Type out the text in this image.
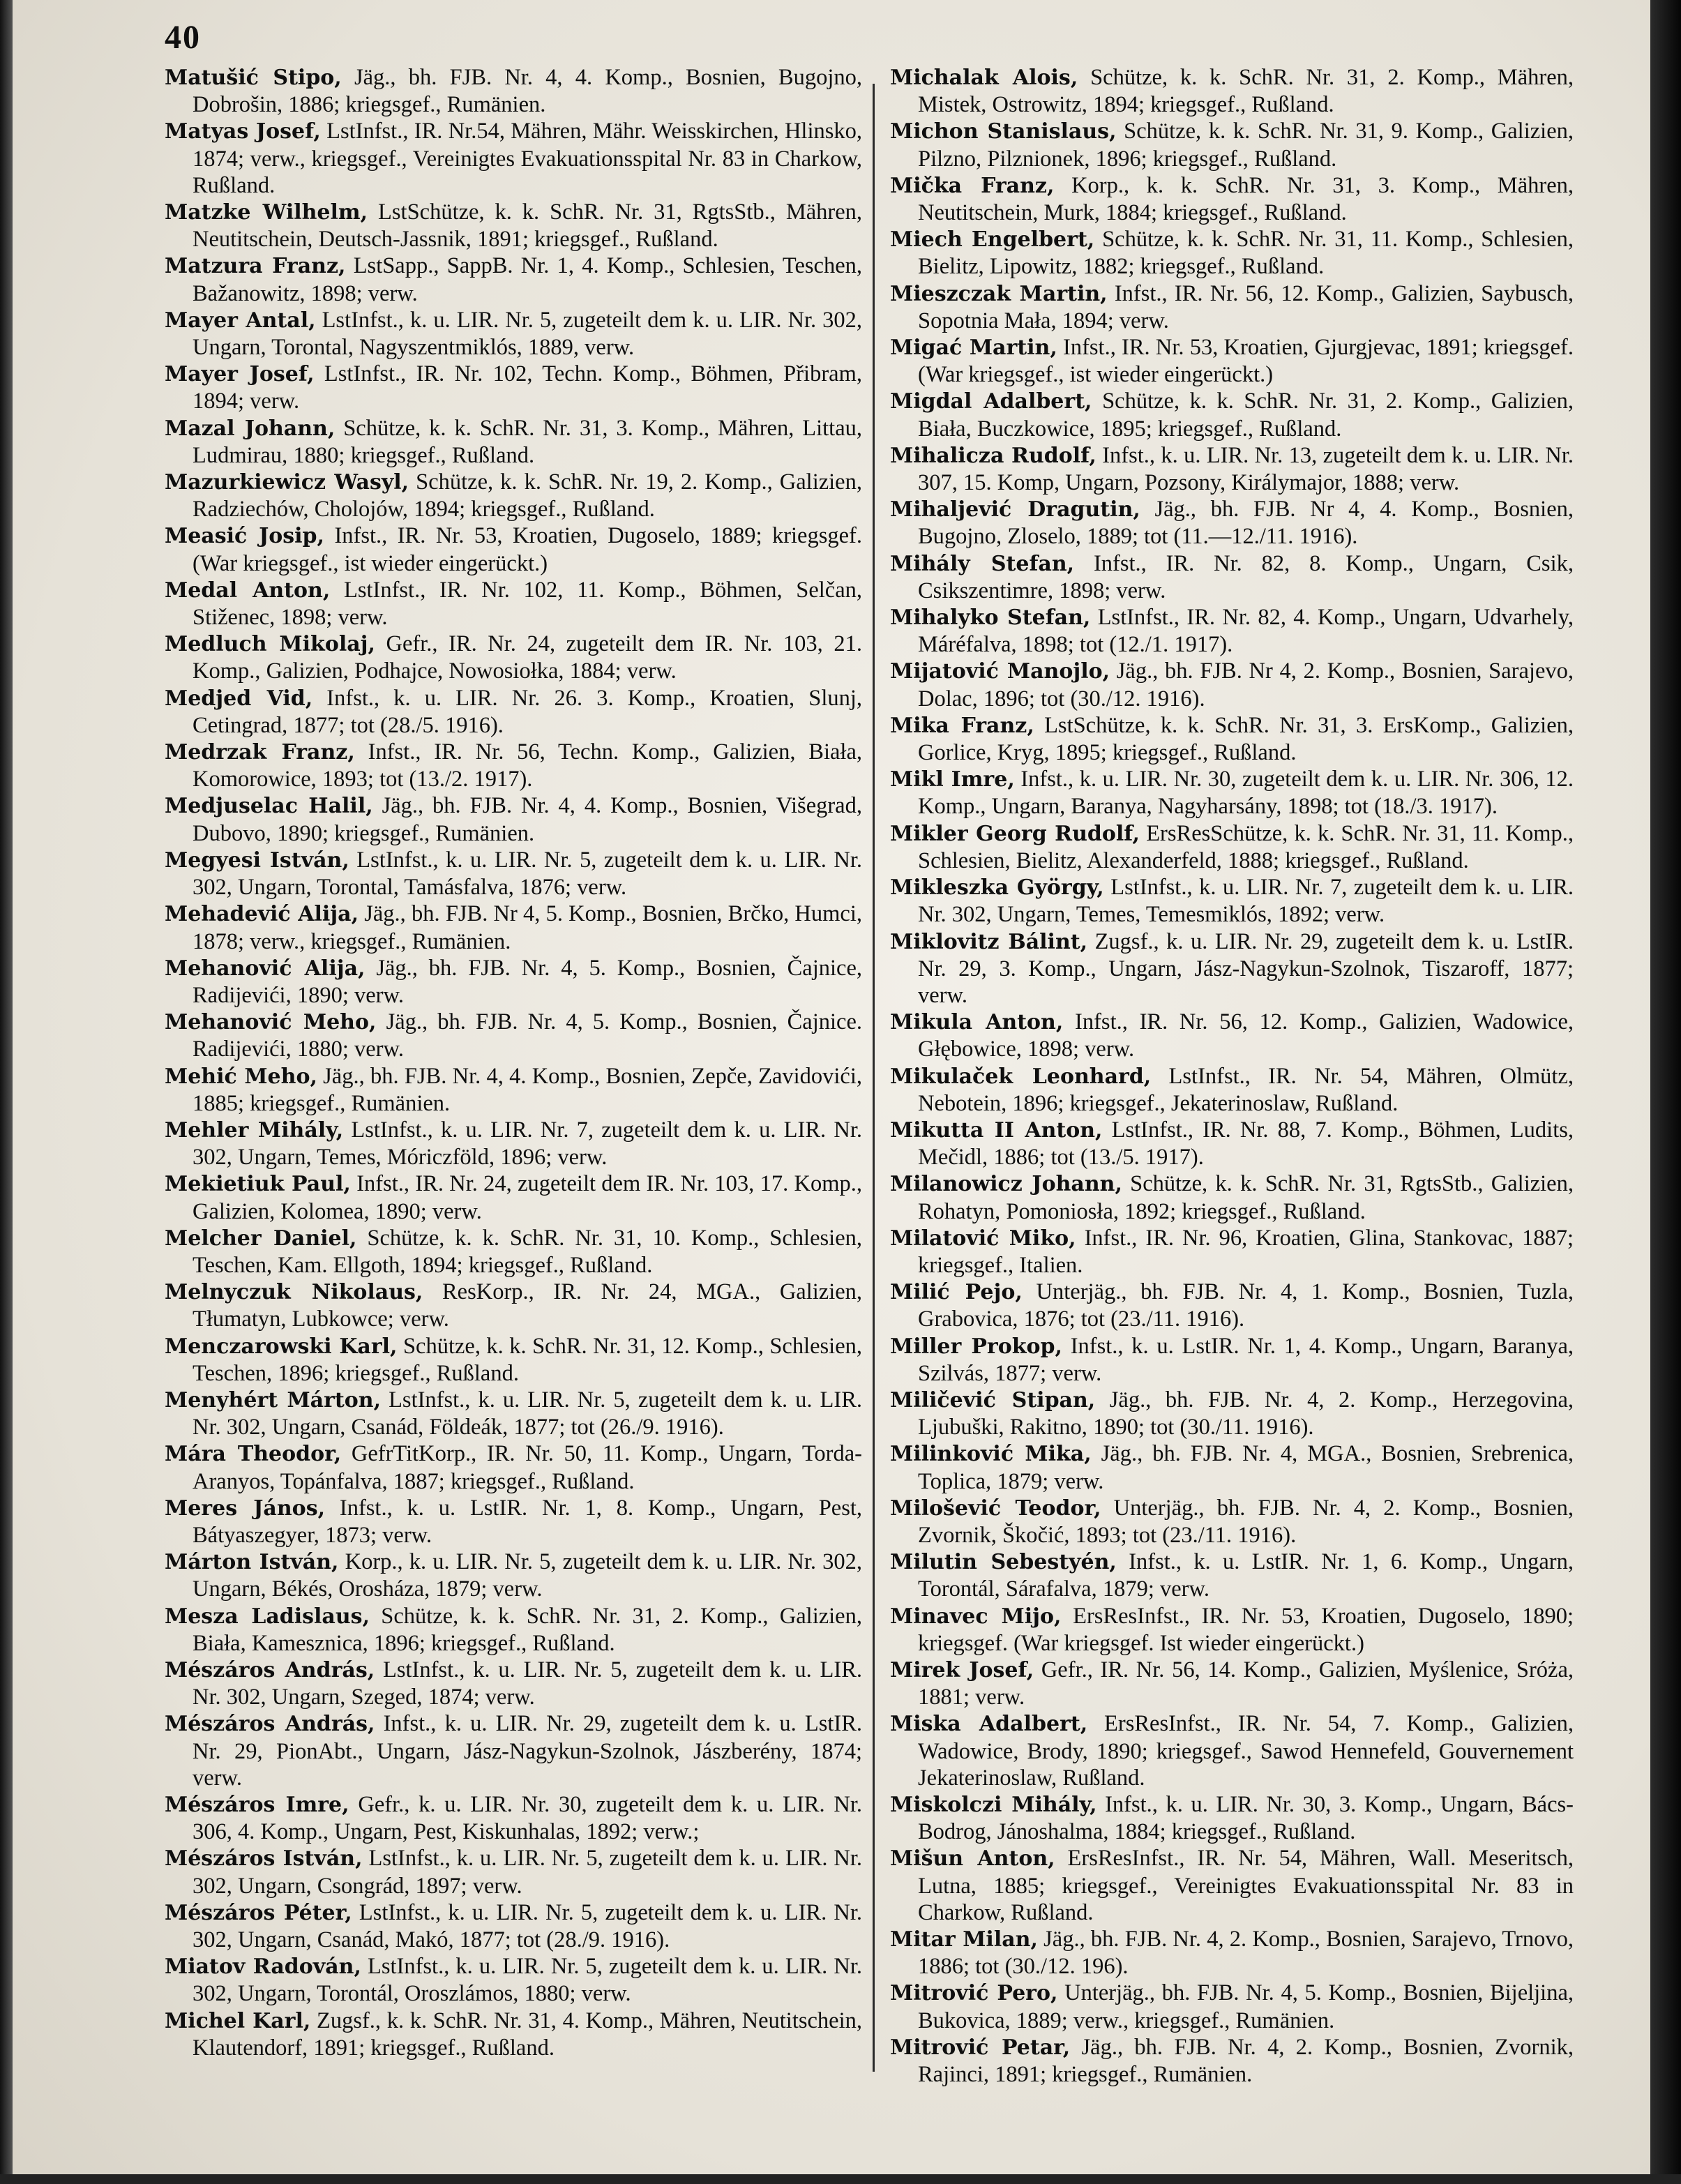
40

Matušić Stipo, Jäg., bh. FJB. Nr. 4, 4. Komp., Bosnien, Bugojno, Dobrošin, 1886; kriegsgef., Rumänien.

Matyas Josef, LstInfst., IR. Nr.54, Mähren, Mähr. Weisskirchen, Hlinsko, 1874; verw., kriegsgef., Vereinigtes Evakuationsspital Nr. 83 in Charkow, Rußland.

Matzke Wilhelm, LstSchütze, k. k. SchR. Nr. 31, RgtsStb., Mähren, Neutitschein, Deutsch-Jassnik, 1891; kriegsgef., Rußland.

Matzura Franz, LstSapp., SappB. Nr. 1, 4. Komp., Schlesien, Teschen, Bažanowitz, 1898; verw.

Mayer Antal, LstInfst., k. u. LIR. Nr. 5, zugeteilt dem k. u. LIR. Nr. 302, Ungarn, Torontal, Nagyszentmiklós, 1889, verw.

Mayer Josef, LstInfst., IR. Nr. 102, Techn. Komp., Böhmen, Přibram, 1894; verw.

Mazal Johann, Schütze, k. k. SchR. Nr. 31, 3. Komp., Mähren, Littau, Ludmirau, 1880; kriegsgef., Rußland.

Mazurkiewicz Wasyl, Schütze, k. k. SchR. Nr. 19, 2. Komp., Galizien, Radziechów, Cholojów, 1894; kriegsgef., Rußland.

Measić Josip, Infst., IR. Nr. 53, Kroatien, Dugoselo, 1889; kriegsgef. (War kriegsgef., ist wieder eingerückt.)

Medal Anton, LstInfst., IR. Nr. 102, 11. Komp., Böhmen, Selčan, Stiženec, 1898; verw.

Medluch Mikolaj, Gefr., IR. Nr. 24, zugeteilt dem IR. Nr. 103, 21. Komp., Galizien, Podhajce, Nowosiołka, 1884; verw.

Medjed Vid, Infst., k. u. LIR. Nr. 26. 3. Komp., Kroatien, Slunj, Cetingrad, 1877; tot (28./5. 1916).

Medrzak Franz, Infst., IR. Nr. 56, Techn. Komp., Galizien, Biała, Komorowice, 1893; tot (13./2. 1917).

Medjuselac Halil, Jäg., bh. FJB. Nr. 4, 4. Komp., Bosnien, Višegrad, Dubovo, 1890; kriegsgef., Rumänien.

Megyesi István, LstInfst., k. u. LIR. Nr. 5, zugeteilt dem k. u. LIR. Nr. 302, Ungarn, Torontal, Tamásfalva, 1876; verw.

Mehadević Alija, Jäg., bh. FJB. Nr 4, 5. Komp., Bosnien, Brčko, Humci, 1878; verw., kriegsgef., Rumänien.

Mehanović Alija, Jäg., bh. FJB. Nr. 4, 5. Komp., Bosnien, Čajnice, Radijevići, 1890; verw.

Mehanović Meho, Jäg., bh. FJB. Nr. 4, 5. Komp., Bosnien, Čajnice. Radijevići, 1880; verw.

Mehić Meho, Jäg., bh. FJB. Nr. 4, 4. Komp., Bosnien, Zepče, Zavidovići, 1885; kriegsgef., Rumänien.

Mehler Mihály, LstInfst., k. u. LIR. Nr. 7, zugeteilt dem k. u. LIR. Nr. 302, Ungarn, Temes, Móriczföld, 1896; verw.

Mekietiuk Paul, Infst., IR. Nr. 24, zugeteilt dem IR. Nr. 103, 17. Komp., Galizien, Kolomea, 1890; verw.

Melcher Daniel, Schütze, k. k. SchR. Nr. 31, 10. Komp., Schlesien, Teschen, Kam. Ellgoth, 1894; kriegsgef., Rußland.

Melnyczuk Nikolaus, ResKorp., IR. Nr. 24, MGA., Galizien, Tłumatyn, Lubkowce; verw.

Menczarowski Karl, Schütze, k. k. SchR. Nr. 31, 12. Komp., Schlesien, Teschen, 1896; kriegsgef., Rußland.

Menyhért Márton, LstInfst., k. u. LIR. Nr. 5, zugeteilt dem k. u. LIR. Nr. 302, Ungarn, Csanád, Földeák, 1877; tot (26./9. 1916).

Mára Theodor, GefrTitKorp., IR. Nr. 50, 11. Komp., Ungarn, Torda-Aranyos, Topánfalva, 1887; kriegsgef., Rußland.

Meres János, Infst., k. u. LstIR. Nr. 1, 8. Komp., Ungarn, Pest, Bátyaszegyer, 1873; verw.

Márton István, Korp., k. u. LIR. Nr. 5, zugeteilt dem k. u. LIR. Nr. 302, Ungarn, Békés, Orosháza, 1879; verw.

Mesza Ladislaus, Schütze, k. k. SchR. Nr. 31, 2. Komp., Galizien, Biała, Kamesznica, 1896; kriegsgef., Rußland.

Mészáros András, LstInfst., k. u. LIR. Nr. 5, zugeteilt dem k. u. LIR. Nr. 302, Ungarn, Szeged, 1874; verw.

Mészáros András, Infst., k. u. LIR. Nr. 29, zugeteilt dem k. u. LstIR. Nr. 29, PionAbt., Ungarn, Jász-Nagykun-Szolnok, Jászberény, 1874; verw.

Mészáros Imre, Gefr., k. u. LIR. Nr. 30, zugeteilt dem k. u. LIR. Nr. 306, 4. Komp., Ungarn, Pest, Kiskunhalas, 1892; verw.;

Mészáros István, LstInfst., k. u. LIR. Nr. 5, zugeteilt dem k. u. LIR. Nr. 302, Ungarn, Csongrád, 1897; verw.

Mészáros Péter, LstInfst., k. u. LIR. Nr. 5, zugeteilt dem k. u. LIR. Nr. 302, Ungarn, Csanád, Makó, 1877; tot (28./9. 1916).

Miatov Radován, LstInfst., k. u. LIR. Nr. 5, zugeteilt dem k. u. LIR. Nr. 302, Ungarn, Torontál, Oroszlámos, 1880; verw.

Michel Karl, Zugsf., k. k. SchR. Nr. 31, 4. Komp., Mähren, Neutitschein, Klautendorf, 1891; kriegsgef., Rußland.

Michalak Alois, Schütze, k. k. SchR. Nr. 31, 2. Komp., Mähren, Mistek, Ostrowitz, 1894; kriegsgef., Rußland.

Michon Stanislaus, Schütze, k. k. SchR. Nr. 31, 9. Komp., Galizien, Pilzno, Pilznionek, 1896; kriegsgef., Rußland.

Mička Franz, Korp., k. k. SchR. Nr. 31, 3. Komp., Mähren, Neutitschein, Murk, 1884; kriegsgef., Rußland.

Miech Engelbert, Schütze, k. k. SchR. Nr. 31, 11. Komp., Schlesien, Bielitz, Lipowitz, 1882; kriegsgef., Rußland.

Mieszczak Martin, Infst., IR. Nr. 56, 12. Komp., Galizien, Saybusch, Sopotnia Mała, 1894; verw.

Migać Martin, Infst., IR. Nr. 53, Kroatien, Gjurgjevac, 1891; kriegsgef. (War kriegsgef., ist wieder eingerückt.)

Migdal Adalbert, Schütze, k. k. SchR. Nr. 31, 2. Komp., Galizien, Biała, Buczkowice, 1895; kriegsgef., Rußland.

Mihalicza Rudolf, Infst., k. u. LIR. Nr. 13, zugeteilt dem k. u. LIR. Nr. 307, 15. Komp, Ungarn, Pozsony, Királymajor, 1888; verw.

Mihaljević Dragutin, Jäg., bh. FJB. Nr 4, 4. Komp., Bosnien, Bugojno, Zloselo, 1889; tot (11.—12./11. 1916).

Mihály Stefan, Infst., IR. Nr. 82, 8. Komp., Ungarn, Csik, Csikszentimre, 1898; verw.

Mihalyko Stefan, LstInfst., IR. Nr. 82, 4. Komp., Ungarn, Udvarhely, Máréfalva, 1898; tot (12./1. 1917).

Mijatović Manojlo, Jäg., bh. FJB. Nr 4, 2. Komp., Bosnien, Sarajevo, Dolac, 1896; tot (30./12. 1916).

Mika Franz, LstSchütze, k. k. SchR. Nr. 31, 3. ErsKomp., Galizien, Gorlice, Kryg, 1895; kriegsgef., Rußland.

Mikl Imre, Infst., k. u. LIR. Nr. 30, zugeteilt dem k. u. LIR. Nr. 306, 12. Komp., Ungarn, Baranya, Nagyharsány, 1898; tot (18./3. 1917).

Mikler Georg Rudolf, ErsResSchütze, k. k. SchR. Nr. 31, 11. Komp., Schlesien, Bielitz, Alexanderfeld, 1888; kriegsgef., Rußland.

Mikleszka György, LstInfst., k. u. LIR. Nr. 7, zugeteilt dem k. u. LIR. Nr. 302, Ungarn, Temes, Temesmiklós, 1892; verw.

Miklovitz Bálint, Zugsf., k. u. LIR. Nr. 29, zugeteilt dem k. u. LstIR. Nr. 29, 3. Komp., Ungarn, Jász-Nagykun-Szolnok, Tiszaroff, 1877; verw.

Mikula Anton, Infst., IR. Nr. 56, 12. Komp., Galizien, Wadowice, Głębowice, 1898; verw.

Mikulaček Leonhard, LstInfst., IR. Nr. 54, Mähren, Olmütz, Nebotein, 1896; kriegsgef., Jekaterinoslaw, Rußland.

Mikutta II Anton, LstInfst., IR. Nr. 88, 7. Komp., Böhmen, Ludits, Mečidl, 1886; tot (13./5. 1917).

Milanowicz Johann, Schütze, k. k. SchR. Nr. 31, RgtsStb., Galizien, Rohatyn, Pomoniosła, 1892; kriegsgef., Rußland.

Milatović Miko, Infst., IR. Nr. 96, Kroatien, Glina, Stankovac, 1887; kriegsgef., Italien.

Milić Pejo, Unterjäg., bh. FJB. Nr. 4, 1. Komp., Bosnien, Tuzla, Grabovica, 1876; tot (23./11. 1916).

Miller Prokop, Infst., k. u. LstIR. Nr. 1, 4. Komp., Ungarn, Baranya, Szilvás, 1877; verw.

Miličević Stipan, Jäg., bh. FJB. Nr. 4, 2. Komp., Herzegovina, Ljubuški, Rakitno, 1890; tot (30./11. 1916).

Milinković Mika, Jäg., bh. FJB. Nr. 4, MGA., Bosnien, Srebrenica, Toplica, 1879; verw.

Milošević Teodor, Unterjäg., bh. FJB. Nr. 4, 2. Komp., Bosnien, Zvornik, Škočić, 1893; tot (23./11. 1916).

Milutin Sebestyén, Infst., k. u. LstIR. Nr. 1, 6. Komp., Ungarn, Torontál, Sárafalva, 1879; verw.

Minavec Mijo, ErsResInfst., IR. Nr. 53, Kroatien, Dugoselo, 1890; kriegsgef. (War kriegsgef. Ist wieder eingerückt.)

Mirek Josef, Gefr., IR. Nr. 56, 14. Komp., Galizien, Myślenice, Sróża, 1881; verw.

Miska Adalbert, ErsResInfst., IR. Nr. 54, 7. Komp., Galizien, Wadowice, Brody, 1890; kriegsgef., Sawod Hennefeld, Gouvernement Jekaterinoslaw, Rußland.

Miskolczi Mihály, Infst., k. u. LIR. Nr. 30, 3. Komp., Ungarn, Bács-Bodrog, Jánoshalma, 1884; kriegsgef., Rußland.

Mišun Anton, ErsResInfst., IR. Nr. 54, Mähren, Wall. Meseritsch, Lutna, 1885; kriegsgef., Vereinigtes Evakuationsspital Nr. 83 in Charkow, Rußland.

Mitar Milan, Jäg., bh. FJB. Nr. 4, 2. Komp., Bosnien, Sarajevo, Trnovo, 1886; tot (30./12. 196).

Mitrović Pero, Unterjäg., bh. FJB. Nr. 4, 5. Komp., Bosnien, Bijeljina, Bukovica, 1889; verw., kriegsgef., Rumänien.

Mitrović Petar, Jäg., bh. FJB. Nr. 4, 2. Komp., Bosnien, Zvornik, Rajinci, 1891; kriegsgef., Rumänien.
